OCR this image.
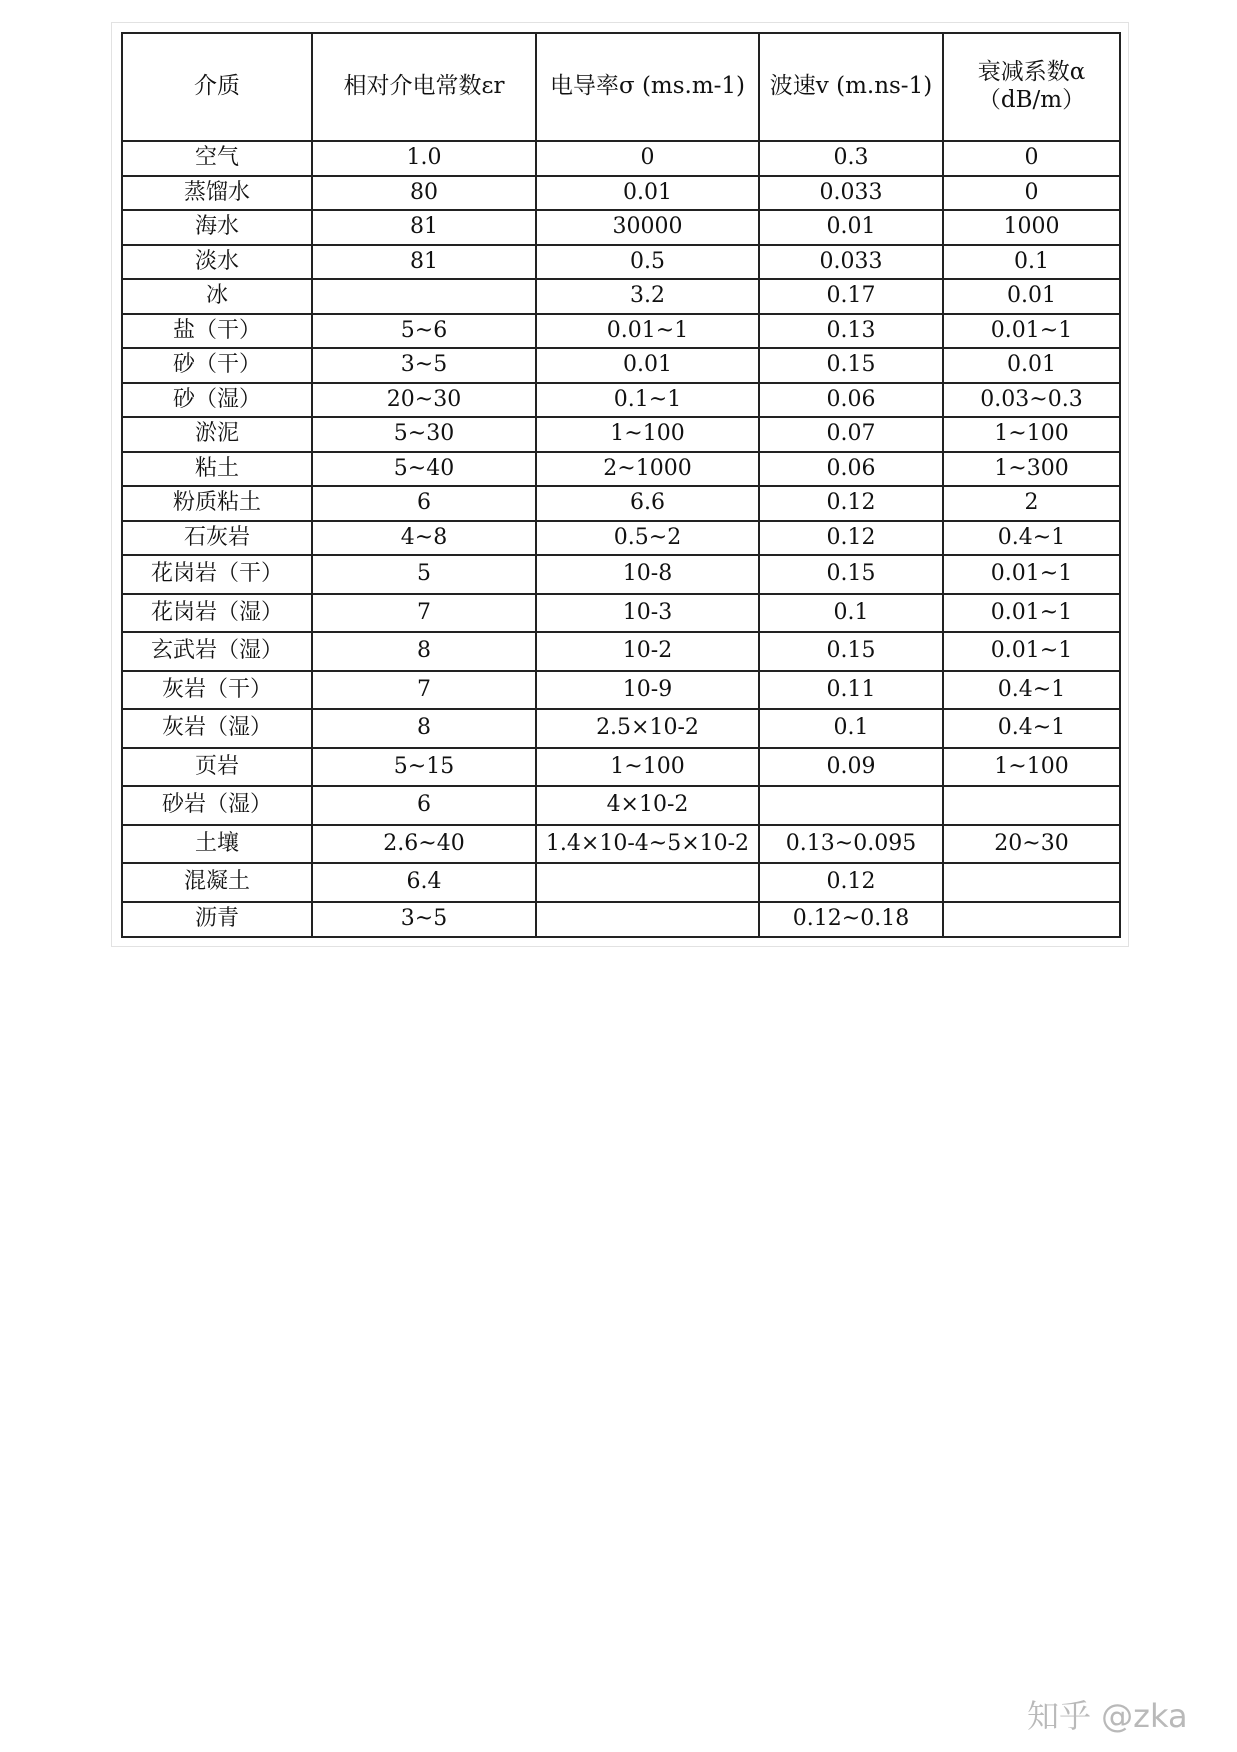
介质	相对介电常数εr	电导率σ (ms.m-1)	波速v (m.ns-1)	衰减系数α（dB/m）
空气	1.0	0	0.3	0
蒸馏水	80	0.01	0.033	0
海水	81	30000	0.01	1000
淡水	81	0.5	0.033	0.1
冰		3.2	0.17	0.01
盐（干）	5~6	0.01~1	0.13	0.01~1
砂（干）	3~5	0.01	0.15	0.01
砂（湿）	20~30	0.1~1	0.06	0.03~0.3
淤泥	5~30	1~100	0.07	1~100
粘土	5~40	2~1000	0.06	1~300
粉质粘土	6	6.6	0.12	2
石灰岩	4~8	0.5~2	0.12	0.4~1
花岗岩（干）	5	10-8	0.15	0.01~1
花岗岩（湿）	7	10-3	0.1	0.01~1
玄武岩（湿）	8	10-2	0.15	0.01~1
灰岩（干）	7	10-9	0.11	0.4~1
灰岩（湿）	8	2.5×10-2	0.1	0.4~1
页岩	5~15	1~100	0.09	1~100
砂岩（湿）	6	4×10-2		
土壤	2.6~40	1.4×10-4~5×10-2	0.13~0.095	20~30
混凝土	6.4		0.12	
沥青	3~5		0.12~0.18	
知乎 @zka
